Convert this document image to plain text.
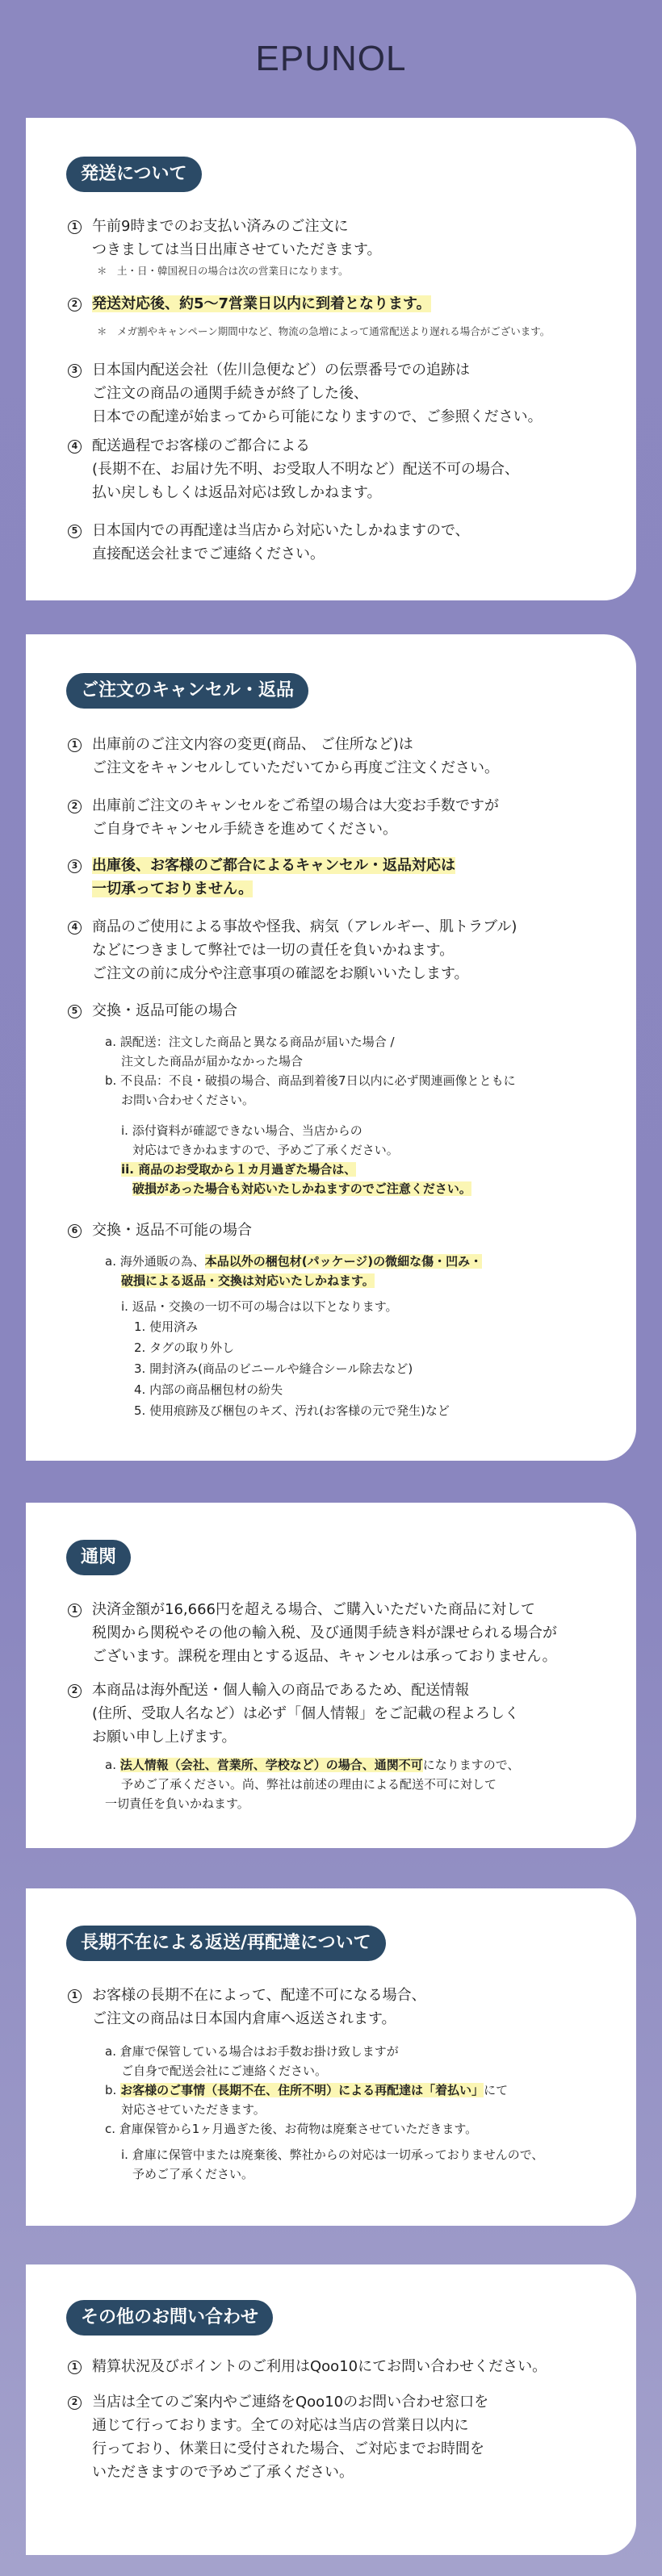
EPUNOL
発送について
1 午前9時までのお支払い済みのご注文に
つきましては当日出庫させていただきます。
＊　土・日・韓国祝日の場合は次の営業日になります。
2 発送対応後、約5～7営業日以内に到着となります。
＊　メガ割やキャンペーン期間中など、物流の急増によって通常配送より遅れる場合がございます。
3 日本国内配送会社（佐川急便など）の伝票番号での追跡は
ご注文の商品の通関手続きが終了した後、
日本での配達が始まってから可能になりますので、ご参照ください。
4 配送過程でお客様のご都合による
(長期不在、お届け先不明、お受取人不明など）配送不可の場合、
払い戻しもしくは返品対応は致しかねます。
5 日本国内での再配達は当店から対応いたしかねますので、
直接配送会社までご連絡ください。
ご注文のキャンセル・返品
1 出庫前のご注文内容の変更(商品、 ご住所など)は
ご注文をキャンセルしていただいてから再度ご注文ください。
2 出庫前ご注文のキャンセルをご希望の場合は大変お手数ですが
ご自身でキャンセル手続きを進めてください。
3 出庫後、お客様のご都合によるキャンセル・返品対応は
一切承っておりません。
4 商品のご使用による事故や怪我、病気（アレルギー、肌トラブル)
などにつきまして弊社では一切の責任を負いかねます。
ご注文の前に成分や注意事項の確認をお願いいたします。
5 交換・返品可能の場合
a. 誤配送：注文した商品と異なる商品が届いた場合 /
注文した商品が届かなかった場合
b. 不良品：不良・破損の場合、商品到着後7日以内に必ず関連画像とともに
お問い合わせください。
i. 添付資料が確認できない場合、当店からの
対応はできかねますので、予めご了承ください。
ii. 商品のお受取から１カ月過ぎた場合は、
破損があった場合も対応いたしかねますのでご注意ください。
6 交換・返品不可能の場合
a. 海外通販の為、本品以外の梱包材(パッケージ)の微細な傷・凹み・
破損による返品・交換は対応いたしかねます。
i. 返品・交換の一切不可の場合は以下となります。
1. 使用済み
2. タグの取り外し
3. 開封済み(商品のビニールや縫合シール除去など)
4. 内部の商品梱包材の紛失
5. 使用痕跡及び梱包のキズ、汚れ(お客様の元で発生)など
通関
1 決済金額が16,666円を超える場合、ご購入いただいた商品に対して
税関から関税やその他の輸入税、及び通関手続き料が課せられる場合が
ございます。課税を理由とする返品、キャンセルは承っておりません。
2 本商品は海外配送・個人輸入の商品であるため、配送情報
(住所、受取人名など）は必ず「個人情報」をご記載の程よろしく
お願い申し上げます。
a. 法人情報（会社、営業所、学校など）の場合、通関不可になりますので、
予めご了承ください。尚、弊社は前述の理由による配送不可に対して
一切責任を負いかねます。
長期不在による返送/再配達について
1 お客様の長期不在によって、配達不可になる場合、
ご注文の商品は日本国内倉庫へ返送されます。
a. 倉庫で保管している場合はお手数お掛け致しますが
ご自身で配送会社にご連絡ください。
b. お客様のご事情（長期不在、住所不明）による再配達は「着払い」にて
対応させていただきます。
c. 倉庫保管から1ヶ月過ぎた後、お荷物は廃棄させていただきます。
i. 倉庫に保管中または廃棄後、弊社からの対応は一切承っておりませんので、
予めご了承ください。
その他のお問い合わせ
1 精算状況及びポイントのご利用はQoo10にてお問い合わせください。
2 当店は全てのご案内やご連絡をQoo10のお問い合わせ窓口を
通じて行っております。全ての対応は当店の営業日以内に
行っており、休業日に受付された場合、ご対応までお時間を
いただきますので予めご了承ください。
